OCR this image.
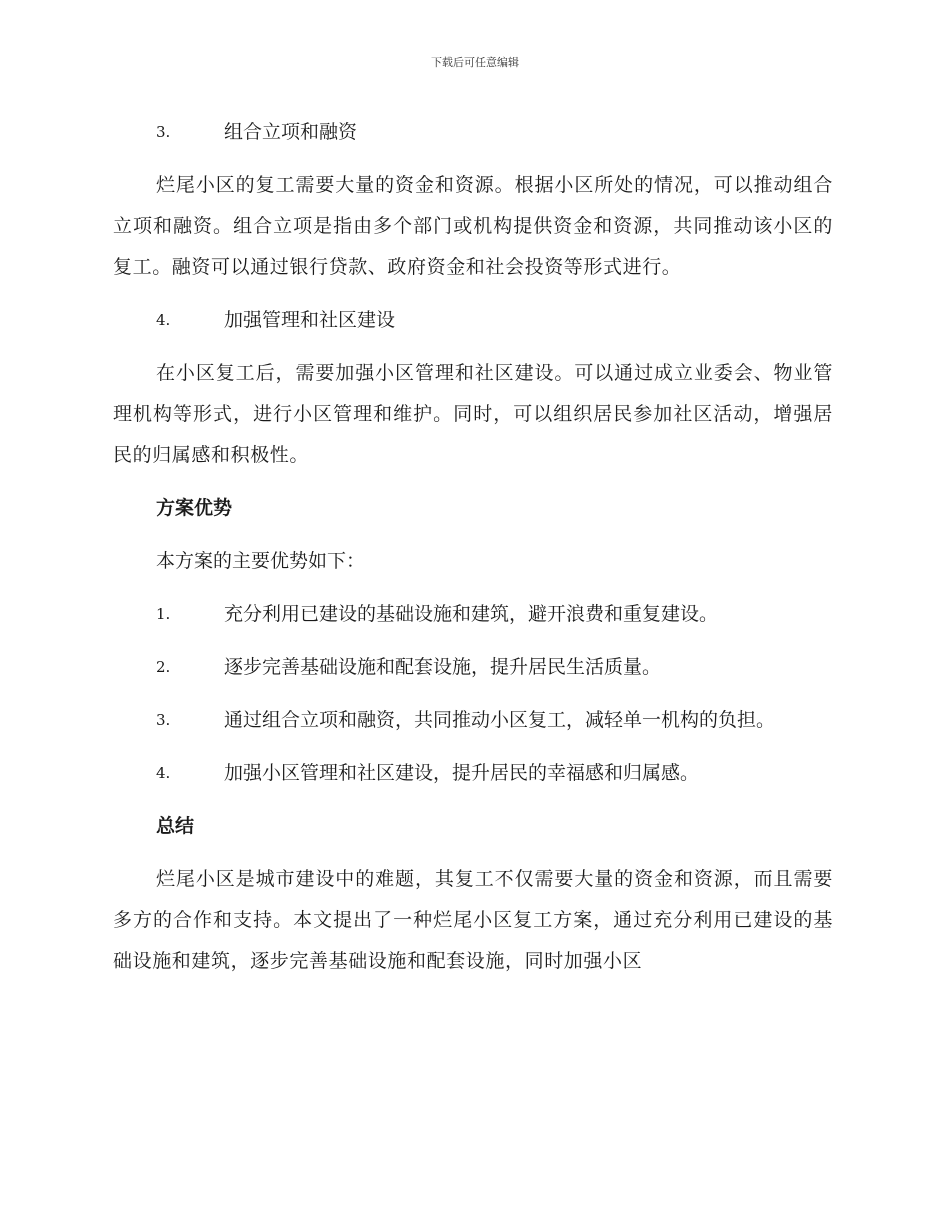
下载后可任意编辑
3.	组合立项和融资

烂尾小区的复工需要大量的资金和资源。根据小区所处的情况，可以推动组合立项和融资。组合立项是指由多个部门或机构提供资金和资源，共同推动该小区的复工。融资可以通过银行贷款、政府资金和社会投资等形式进行。

4.	加强管理和社区建设

在小区复工后，需要加强小区管理和社区建设。可以通过成立业委会、物业管理机构等形式，进行小区管理和维护。同时，可以组织居民参加社区活动，增强居民的归属感和积极性。

方案优势
本方案的主要优势如下：
1.	充分利用已建设的基础设施和建筑，避开浪费和重复建设。
2.	逐步完善基础设施和配套设施，提升居民生活质量。
3.	通过组合立项和融资，共同推动小区复工，减轻单一机构的负担。
4.	加强小区管理和社区建设，提升居民的幸福感和归属感。
总结

烂尾小区是城市建设中的难题，其复工不仅需要大量的资金和资源，而且需要多方的合作和支持。本文提出了一种烂尾小区复工方案，通过充分利用已建设的基础设施和建筑，逐步完善基础设施和配套设施，同时加强小区
